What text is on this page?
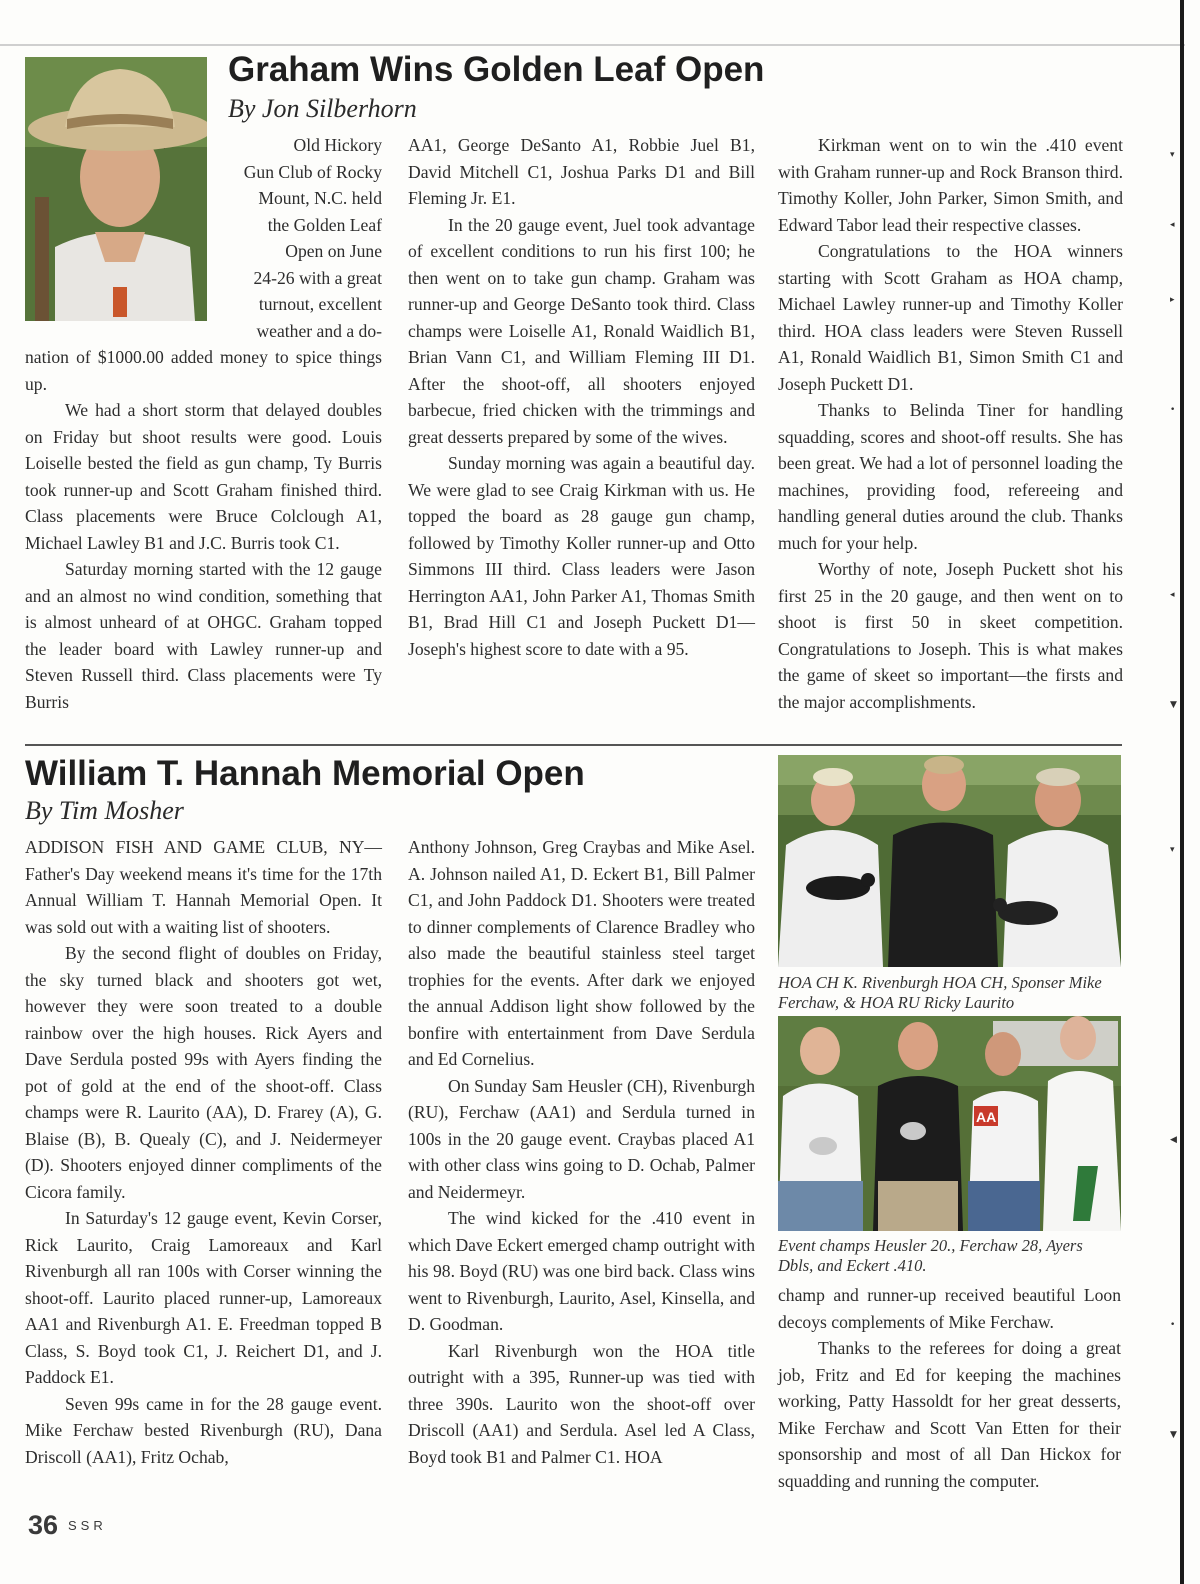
Graham Wins Golden Leaf Open
By Jon Silberhorn
Old Hickory
Gun Club of Rocky
Mount, N.C. held
the Golden Leaf
Open on June
24-26 with a great
turnout, excellent
weather and a do-

nation of $1000.00 added money to spice things up.

We had a short storm that delayed doubles on Friday but shoot results were good. Louis Loiselle bested the field as gun champ, Ty Burris took runner-up and Scott Graham finished third. Class placements were Bruce Colclough A1, Michael Lawley B1 and J.C. Burris took C1.

Saturday morning started with the 12 gauge and an almost no wind condition, something that is almost unheard of at OHGC. Graham topped the leader board with Lawley runner-up and Steven Russell third. Class placements were Ty Burris

AA1, George DeSanto A1, Robbie Juel B1, David Mitchell C1, Joshua Parks D1 and Bill Fleming Jr. E1.

In the 20 gauge event, Juel took advantage of excellent conditions to run his first 100; he then went on to take gun champ. Graham was runner-up and George DeSanto took third. Class champs were Loiselle A1, Ronald Waidlich B1, Brian Vann C1, and William Fleming III D1. After the shoot-off, all shooters enjoyed barbecue, fried chicken with the trimmings and great desserts prepared by some of the wives.

Sunday morning was again a beautiful day. We were glad to see Craig Kirkman with us. He topped the board as 28 gauge gun champ, followed by Timothy Koller runner-up and Otto Simmons III third. Class leaders were Jason Herrington AA1, John Parker A1, Thomas Smith B1, Brad Hill C1 and Joseph Puckett D1—Joseph's highest score to date with a 95.

Kirkman went on to win the .410 event with Graham runner-up and Rock Branson third. Timothy Koller, John Parker, Simon Smith, and Edward Tabor lead their respective classes.

Congratulations to the HOA winners starting with Scott Graham as HOA champ, Michael Lawley runner-up and Timothy Koller third. HOA class leaders were Steven Russell A1, Ronald Waidlich B1, Simon Smith C1 and Joseph Puckett D1.

Thanks to Belinda Tiner for handling squadding, scores and shoot-off results. She has been great. We had a lot of personnel loading the machines, providing food, refereeing and handling general duties around the club. Thanks much for your help.

Worthy of note, Joseph Puckett shot his first 25 in the 20 gauge, and then went on to shoot is first 50 in skeet competition. Congratulations to Joseph. This is what makes the game of skeet so important—the firsts and the major accomplishments.

William T. Hannah Memorial Open
By Tim Mosher

ADDISON FISH AND GAME CLUB, NY—Father's Day weekend means it's time for the 17th Annual William T. Hannah Memorial Open. It was sold out with a waiting list of shooters.

By the second flight of doubles on Friday, the sky turned black and shooters got wet, however they were soon treated to a double rainbow over the high houses. Rick Ayers and Dave Serdula posted 99s with Ayers finding the pot of gold at the end of the shoot-off. Class champs were R. Laurito (AA), D. Frarey (A), G. Blaise (B), B. Quealy (C), and J. Neidermeyer (D). Shooters enjoyed dinner compliments of the Cicora family.

In Saturday's 12 gauge event, Kevin Corser, Rick Laurito, Craig Lamoreaux and Karl Rivenburgh all ran 100s with Corser winning the shoot-off. Laurito placed runner-up, Lamoreaux AA1 and Rivenburgh A1. E. Freedman topped B Class, S. Boyd took C1, J. Reichert D1, and J. Paddock E1.

Seven 99s came in for the 28 gauge event. Mike Ferchaw bested Rivenburgh (RU), Dana Driscoll (AA1), Fritz Ochab,

Anthony Johnson, Greg Craybas and Mike Asel. A. Johnson nailed A1, D. Eckert B1, Bill Palmer C1, and John Paddock D1. Shooters were treated to dinner complements of Clarence Bradley who also made the beautiful stainless steel target trophies for the events. After dark we enjoyed the annual Addison light show followed by the bonfire with entertainment from Dave Serdula and Ed Cornelius.

On Sunday Sam Heusler (CH), Rivenburgh (RU), Ferchaw (AA1) and Serdula turned in 100s in the 20 gauge event. Craybas placed A1 with other class wins going to D. Ochab, Palmer and Neidermeyr.

The wind kicked for the .410 event in which Dave Eckert emerged champ outright with his 98. Boyd (RU) was one bird back. Class wins went to Rivenburgh, Laurito, Asel, Kinsella, and D. Goodman.

Karl Rivenburgh won the HOA title outright with a 395, Runner-up was tied with three 390s. Laurito won the shoot-off over Driscoll (AA1) and Serdula. Asel led A Class, Boyd took B1 and Palmer C1. HOA

HOA CH K. Rivenburgh HOA CH, Sponser Mike Ferchaw, & HOA RU Ricky Laurito
AA
Event champs Heusler 20., Ferchaw 28, Ayers Dbls, and Eckert .410.

champ and runner-up received beautiful Loon decoys complements of Mike Ferchaw.

Thanks to the referees for doing a great job, Fritz and Ed for keeping the machines working, Patty Hassoldt for her great desserts, Mike Ferchaw and Scott Van Etten for their sponsorship and most of all Dan Hickox for squadding and running the computer.

36 SSR
▾
◂
▸
•
◂
▼
▾
◀
•
▼
